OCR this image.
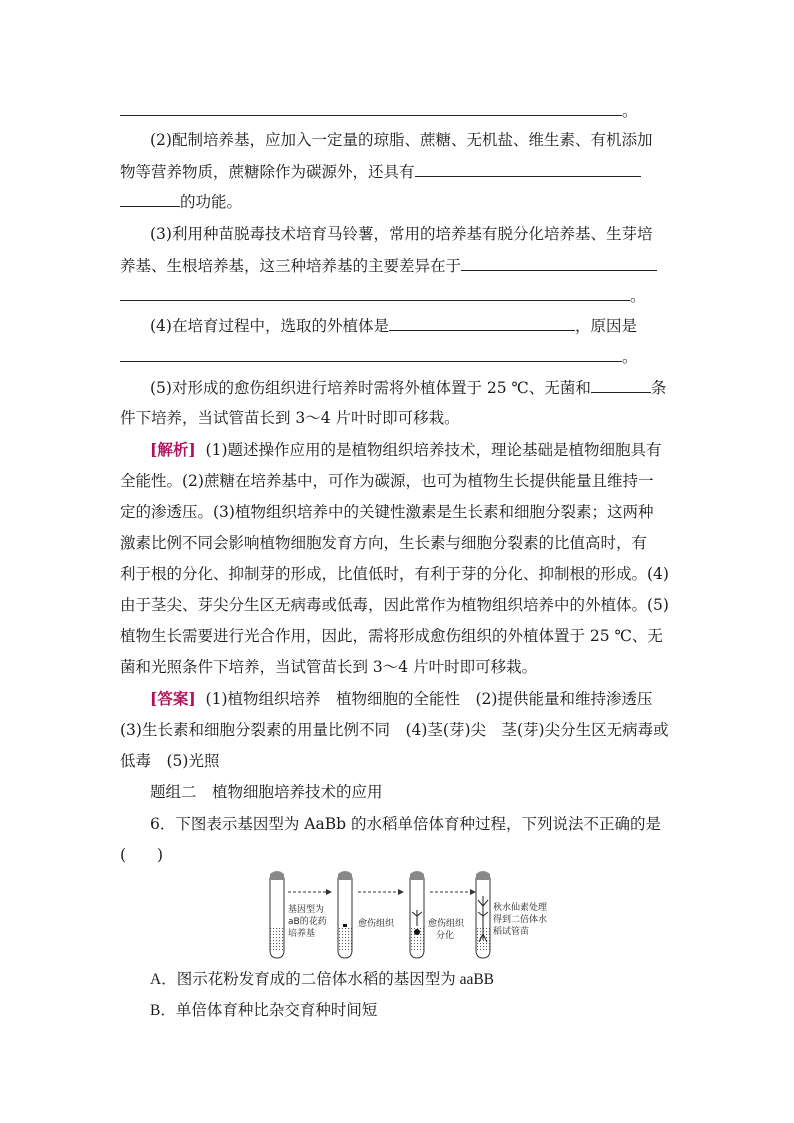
。
(2)配制培养基，应加入一定量的琼脂、蔗糖、无机盐、维生素、有机添加
物等营养物质，蔗糖除作为碳源外，还具有
的功能。
(3)利用种苗脱毒技术培育马铃薯，常用的培养基有脱分化培养基、生芽培
养基、生根培养基，这三种培养基的主要差异在于
。
(4)在培育过程中，选取的外植体是	，原因是
。
(5)对形成的愈伤组织进行培养时需将外植体置于 25 ℃、无菌和	条
件下培养，当试管苗长到 3～4 片叶时即可移栽。
[解析] (1)题述操作应用的是植物组织培养技术，理论基础是植物细胞具有
全能性。(2)蔗糖在培养基中，可作为碳源，也可为植物生长提供能量且维持一
定的渗透压。(3)植物组织培养中的关键性激素是生长素和细胞分裂素；这两种
激素比例不同会影响植物细胞发育方向，生长素与细胞分裂素的比值高时，有
利于根的分化、抑制芽的形成，比值低时，有利于芽的分化、抑制根的形成。(4)
由于茎尖、芽尖分生区无病毒或低毒，因此常作为植物组织培养中的外植体。(5)
植物生长需要进行光合作用，因此，需将形成愈伤组织的外植体置于 25 ℃、无
菌和光照条件下培养，当试管苗长到 3～4 片叶时即可移栽。
[答案] (1)植物组织培养　植物细胞的全能性　(2)提供能量和维持渗透压
(3)生长素和细胞分裂素的用量比例不同　(4)茎(芽)尖　茎(芽)尖分生区无病毒或
低毒　(5)光照
题组二　植物细胞培养技术的应用
6．下图表示基因型为 AaBb 的水稻单倍体育种过程，下列说法不正确的是
(　　)
基因型为
aB的花药
培养基
愈伤组织	愈伤组织
分化
秋水仙素处理
得到二倍体水
稻试管苗
A．图示花粉发育成的二倍体水稻的基因型为 aaBB
B．单倍体育种比杂交育种时间短
